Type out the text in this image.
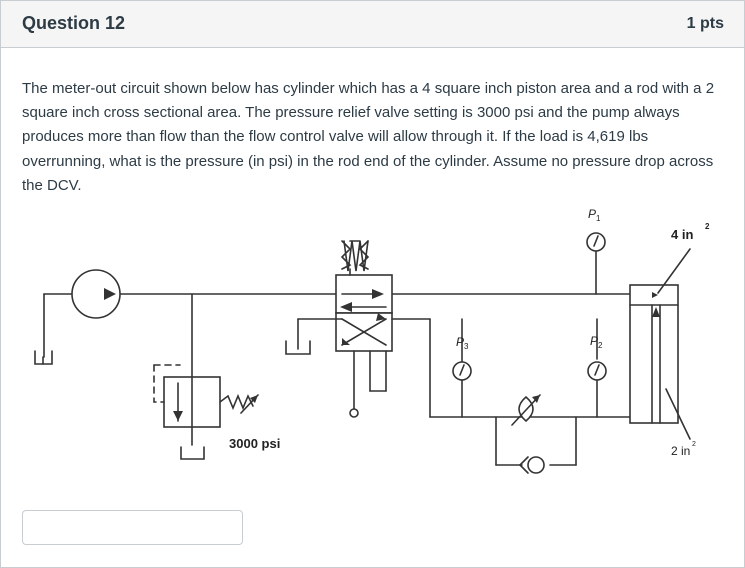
Question 12	1 pts

The meter-out circuit shown below has cylinder which has a 4 square inch piston area and a rod with a 2 square inch cross sectional area. The pressure relief valve setting is 3000 psi and the pump always produces more than flow than the flow control valve will allow through it. If the load is 4,619 lbs overrunning, what is the pressure (in psi) in the rod end of the cylinder. Assume no pressure drop across the DCV.

3000 psi
P 3	P 2
P 1
4 in
2
2 in 2
